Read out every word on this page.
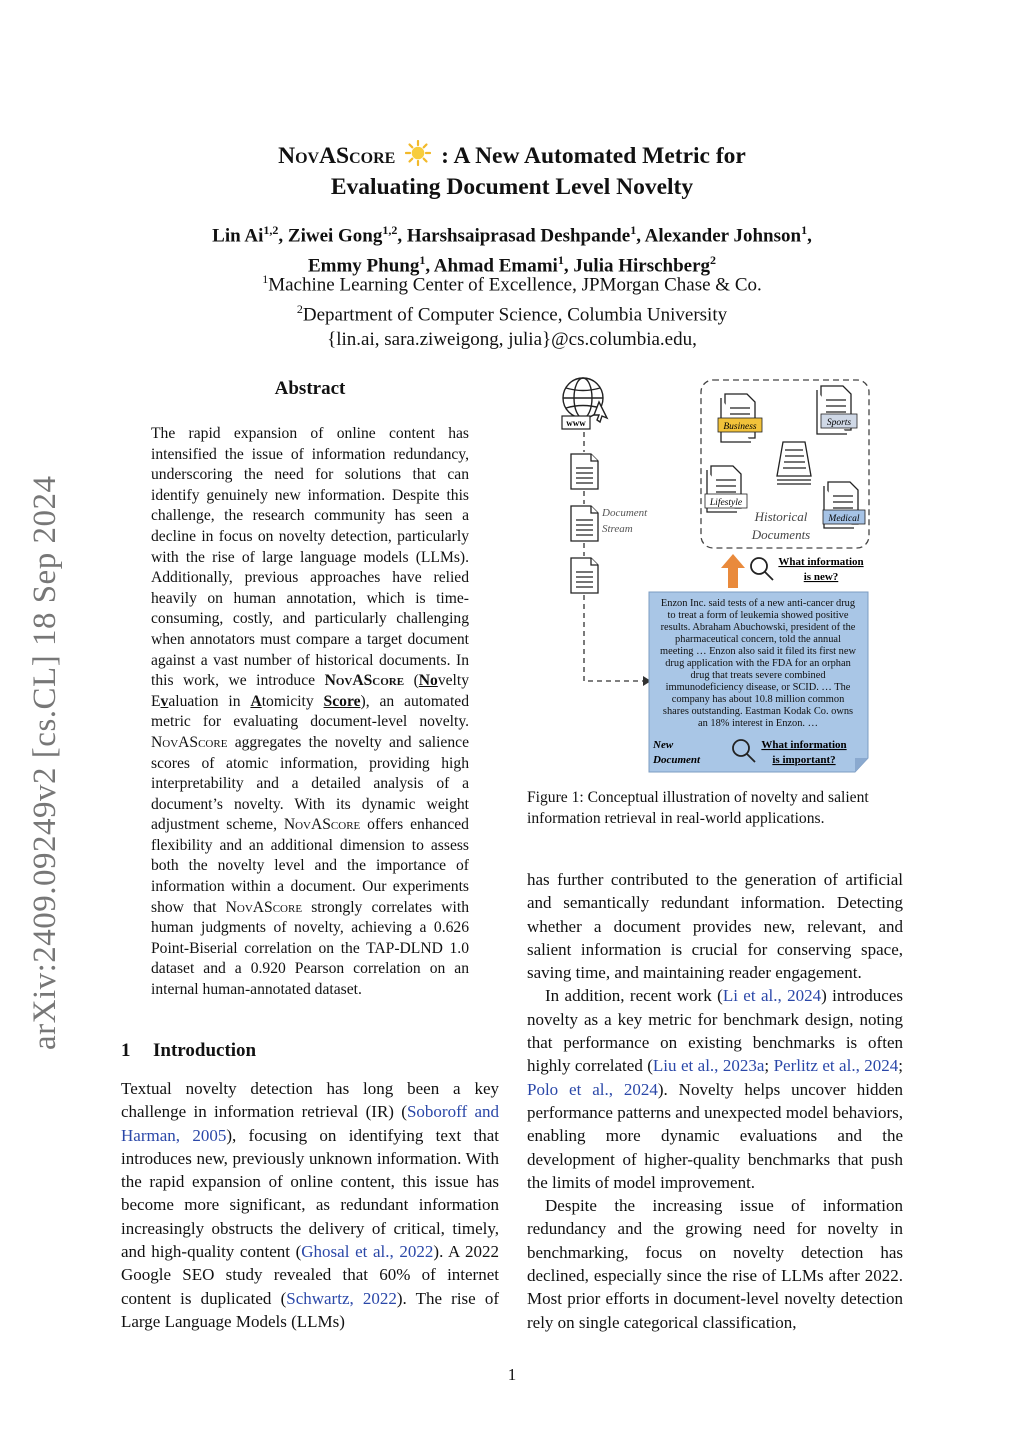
NovAScore : A New Automated Metric for
Evaluating Document Level Novelty
Lin Ai$^{1,2}$, Ziwei Gong$^{1,2}$, Harshsaiprasad Deshpande$^1$, Alexander Johnson$^1$,
Emmy Phung$^1$, Ahmad Emami$^1$, Julia Hirschberg$^2$
$^1$Machine Learning Center of Excellence, JPMorgan Chase & Co.
$^2$Department of Computer Science, Columbia University
{lin.ai, sara.ziweigong, julia}@cs.columbia.edu,
arXiv:2409.09249v2 [cs.CL] 18 Sep 2024
Abstract
The rapid expansion of online content has intensified the issue of information redundancy, underscoring the need for solutions that can identify genuinely new information. Despite this challenge, the research community has seen a decline in focus on novelty detection, particularly with the rise of large language models (LLMs). Additionally, previous approaches have relied heavily on human annotation, which is time-consuming, costly, and particularly challenging when annotators must compare a target document against a vast number of historical documents. In this work, we introduce NovAScore (Novelty Evaluation in Atomicity Score), an automated metric for evaluating document-level novelty. NovAScore aggregates the novelty and salience scores of atomic information, providing high interpretability and a detailed analysis of a document’s novelty. With its dynamic weight adjustment scheme, NovAScore offers enhanced flexibility and an additional dimension to assess both the novelty level and the importance of information within a document. Our experiments show that NovAScore strongly correlates with human judgments of novelty, achieving a 0.626 Point-Biserial correlation on the TAP-DLND 1.0 dataset and a 0.920 Pearson correlation on an internal human-annotated dataset.
1 Introduction
Textual novelty detection has long been a key challenge in information retrieval (IR) (Soboroff and Harman, 2005), focusing on identifying text that introduces new, previously unknown information. With the rapid expansion of online content, this issue has become more significant, as redundant information increasingly obstructs the delivery of critical, timely, and high-quality content (Ghosal et al., 2022). A 2022 Google SEO study revealed that 60% of internet content is duplicated (Schwartz, 2022). The rise of Large Language Models (LLMs)
www
Document
Stream
Business	Sports
Lifestyle
Medical
Historical
Documents
What information
is new?
Enzon Inc. said tests of a new anti-cancer drug
to treat a form of leukemia showed positive
results. Abraham Abuchowski, president of the
pharmaceutical concern, told the annual
meeting … Enzon also said it filed its first new
drug application with the FDA for an orphan
drug that treats severe combined
immunodeficiency disease, or SCID. … The
company has about 10.8 million common
shares outstanding. Eastman Kodak Co. owns
an 18% interest in Enzon. …
New
Document
What information
is important?
Figure 1: Conceptual illustration of novelty and salient information retrieval in real-world applications.

has further contributed to the generation of artificial and semantically redundant information. Detecting whether a document provides new, relevant, and salient information is crucial for conserving space, saving time, and maintaining reader engagement.

In addition, recent work (Li et al., 2024) introduces novelty as a key metric for benchmark design, noting that performance on existing benchmarks is often highly correlated (Liu et al., 2023a; Perlitz et al., 2024; Polo et al., 2024). Novelty helps uncover hidden performance patterns and unexpected model behaviors, enabling more dynamic evaluations and the development of higher-quality benchmarks that push the limits of model improvement.

Despite the increasing issue of information redundancy and the growing need for novelty in benchmarking, focus on novelty detection has declined, especially since the rise of LLMs after 2022. Most prior efforts in document-level novelty detection rely on single categorical classification,

1
